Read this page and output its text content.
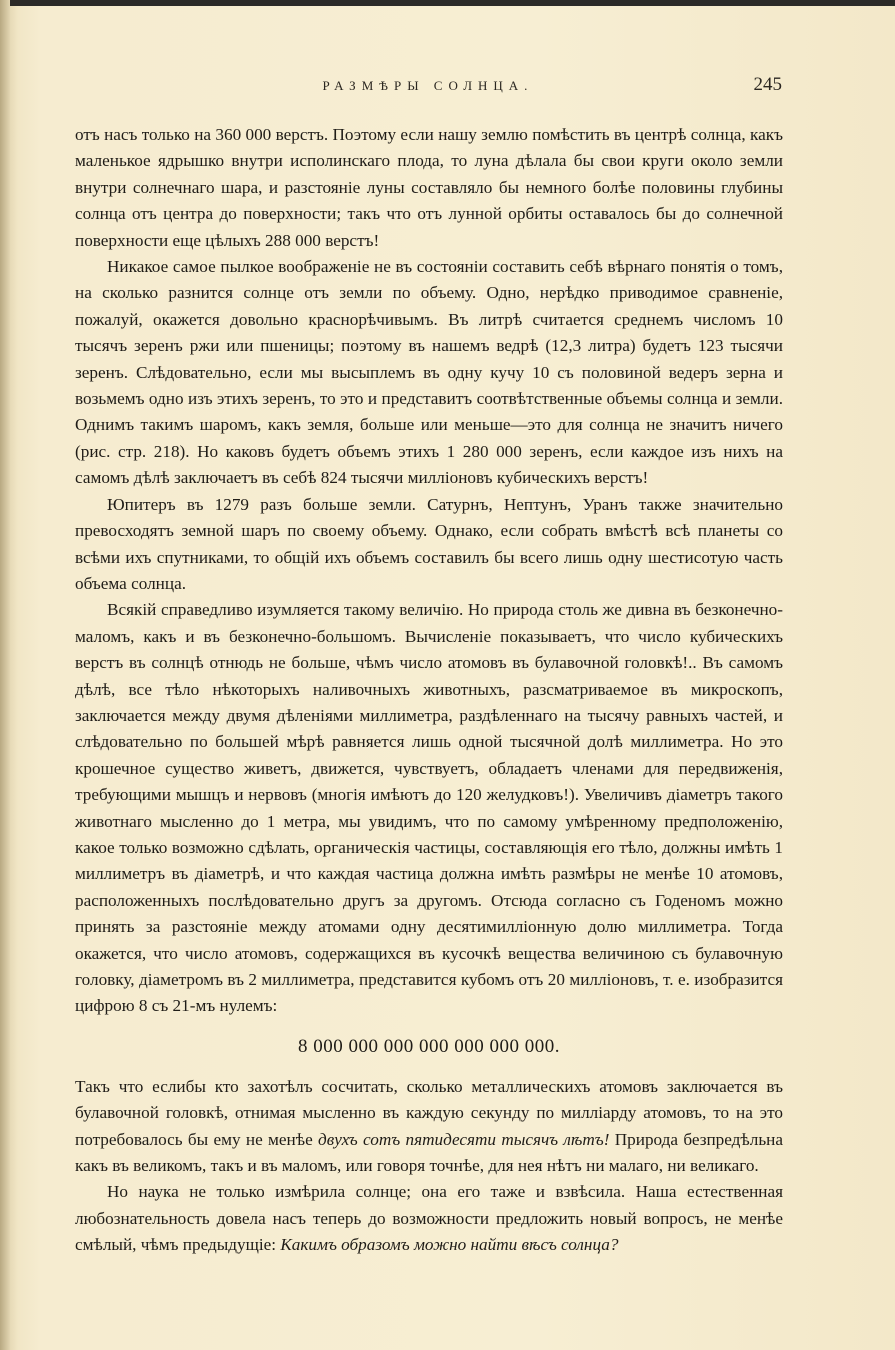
РАЗМѢРЫ СОЛНЦА.	245

отъ насъ только на 360 000 верстъ. Поэтому если нашу землю помѣстить въ центрѣ солнца, какъ маленькое ядрышко внутри исполинскаго плода, то луна дѣлала бы свои круги около земли внутри солнечнаго шара, и разстояніе луны составляло бы немного болѣе половины глубины солнца отъ центра до поверхности; такъ что отъ лунной орбиты оставалось бы до солнечной поверхности еще цѣлыхъ 288 000 верстъ!

Никакое самое пылкое воображеніе не въ состояніи составить себѣ вѣрнаго понятія о томъ, на сколько разнится солнце отъ земли по объему. Одно, нерѣдко приводимое сравненіе, пожалуй, окажется довольно краснорѣчивымъ. Въ литрѣ считается среднемъ числомъ 10 тысячъ зеренъ ржи или пшеницы; поэтому въ нашемъ ведрѣ (12,3 литра) будетъ 123 тысячи зеренъ. Слѣдовательно, если мы высыплемъ въ одну кучу 10 съ половиной ведеръ зерна и возьмемъ одно изъ этихъ зеренъ, то это и представитъ соотвѣтственные объемы солнца и земли. Однимъ такимъ шаромъ, какъ земля, больше или меньше—это для солнца не значитъ ничего (рис. стр. 218). Но каковъ будетъ объемъ этихъ 1 280 000 зеренъ, если каждое изъ нихъ на самомъ дѣлѣ заключаетъ въ себѣ 824 тысячи милліоновъ кубическихъ верстъ!

Юпитеръ въ 1279 разъ больше земли. Сатурнъ, Нептунъ, Уранъ также значительно превосходятъ земной шаръ по своему объему. Однако, если собрать вмѣстѣ всѣ планеты со всѣми ихъ спутниками, то общій ихъ объемъ составилъ бы всего лишь одну шестисотую часть объема солнца.

Всякій справедливо изумляется такому величію. Но природа столь же дивна въ безконечно-маломъ, какъ и въ безконечно-большомъ. Вычисленіе показываетъ, что число кубическихъ верстъ въ солнцѣ отнюдь не больше, чѣмъ число атомовъ въ булавочной головкѣ!.. Въ самомъ дѣлѣ, все тѣло нѣкоторыхъ наливочныхъ животныхъ, разсматриваемое въ микроскопъ, заключается между двумя дѣленіями миллиметра, раздѣленнаго на тысячу равныхъ частей, и слѣдовательно по большей мѣрѣ равняется лишь одной тысячной долѣ миллиметра. Но это крошечное существо живетъ, движется, чувствуетъ, обладаетъ членами для передвиженія, требующими мышцъ и нервовъ (многія имѣютъ до 120 желудковъ!). Увеличивъ діаметръ такого животнаго мысленно до 1 метра, мы увидимъ, что по самому умѣренному предположенію, какое только возможно сдѣлать, органическія частицы, составляющія его тѣло, должны имѣть 1 миллиметръ въ діаметрѣ, и что каждая частица должна имѣть размѣры не менѣе 10 атомовъ, расположенныхъ послѣдовательно другъ за другомъ. Отсюда согласно съ Годеномъ можно принять за разстояніе между атомами одну десятимилліонную долю миллиметра. Тогда окажется, что число атомовъ, содержащихся въ кусочкѣ вещества величиною съ булавочную головку, діаметромъ въ 2 миллиметра, представится кубомъ отъ 20 милліоновъ, т. е. изобразится цифрою 8 съ 21-мъ нулемъ:

8 000 000 000 000 000 000 000.

Такъ что еслибы кто захотѣлъ сосчитать, сколько металлическихъ атомовъ заключается въ булавочной головкѣ, отнимая мысленно въ каждую секунду по милліарду атомовъ, то на это потребовалось бы ему не менѣе двухъ сотъ пятидесяти тысячъ лѣтъ! Природа безпредѣльна какъ въ великомъ, такъ и въ маломъ, или говоря точнѣе, для нея нѣтъ ни малаго, ни великаго.

Но наука не только измѣрила солнце; она его таже и взвѣсила. Наша естественная любознательность довела насъ теперь до возможности предложить новый вопросъ, не менѣе смѣлый, чѣмъ предыдущіе: Какимъ образомъ можно найти вѣсъ солнца?
